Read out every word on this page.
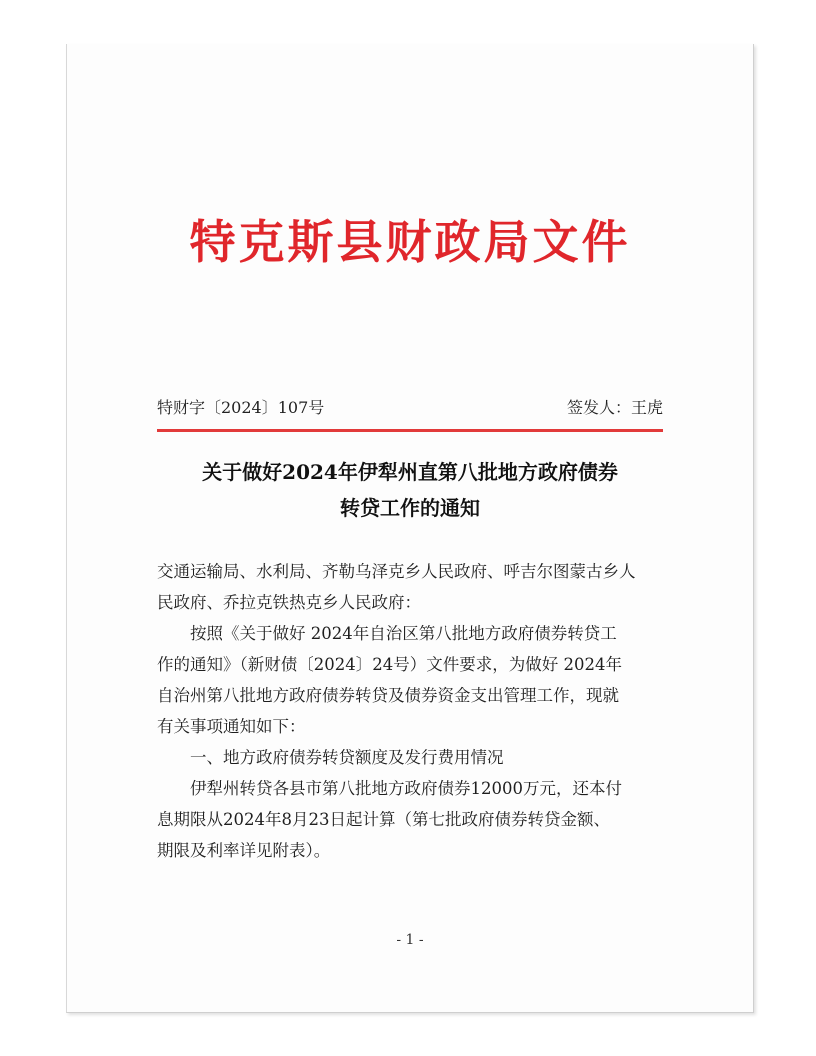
特克斯县财政局文件
特财字〔2024〕107号	签发人：王虎
关于做好2024年伊犁州直第八批地方政府债券
转贷工作的通知

交通运输局、水利局、齐勒乌泽克乡人民政府、呼吉尔图蒙古乡人

民政府、乔拉克铁热克乡人民政府：

按照《关于做好 2024年自治区第八批地方政府债券转贷工

作的通知》（新财债〔2024〕24号）文件要求，为做好 2024年

自治州第八批地方政府债券转贷及债券资金支出管理工作，现就

有关事项通知如下：

一、地方政府债券转贷额度及发行费用情况

伊犁州转贷各县市第八批地方政府债券12000万元，还本付

息期限从2024年8月23日起计算（第七批政府债券转贷金额、

期限及利率详见附表）。

- 1 -
